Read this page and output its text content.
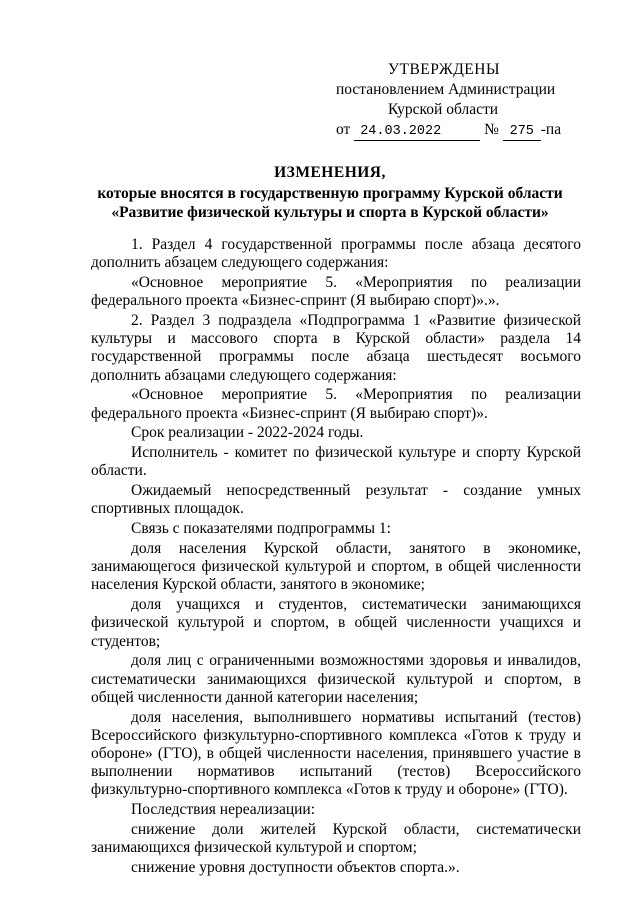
УТВЕРЖДЕНЫ
постановлением Администрации
Курской области
от 24.03.2022	№ 275 -па
ИЗМЕНЕНИЯ,
которые вносятся в государственную программу Курской области
«Развитие физической культуры и спорта в Курской области»

1. Раздел 4 государственной программы после абзаца десятого дополнить абзацем следующего содержания:

«Основное мероприятие 5. «Мероприятия по реализации федерального проекта «Бизнес-спринт (Я выбираю спорт)».».

2. Раздел 3 подраздела «Подпрограмма 1 «Развитие физической культуры и массового спорта в Курской области» раздела 14 государственной программы после абзаца шестьдесят восьмого дополнить абзацами следующего содержания:

«Основное мероприятие 5. «Мероприятия по реализации федерального проекта «Бизнес-спринт (Я выбираю спорт)».

Срок реализации - 2022-2024 годы.

Исполнитель - комитет по физической культуре и спорту Курской области.

Ожидаемый непосредственный результат - создание умных спортивных площадок.

Связь с показателями подпрограммы 1:

доля населения Курской области, занятого в экономике, занимающегося физической культурой и спортом, в общей численности населения Курской области, занятого в экономике;

доля учащихся и студентов, систематически занимающихся физической культурой и спортом, в общей численности учащихся и студентов;

доля лиц с ограниченными возможностями здоровья и инвалидов, систематически занимающихся физической культурой и спортом, в общей численности данной категории населения;

доля населения, выполнившего нормативы испытаний (тестов) Всероссийского физкультурно-спортивного комплекса «Готов к труду и обороне» (ГТО), в общей численности населения, принявшего участие в выполнении нормативов испытаний (тестов) Всероссийского физкультурно-спортивного комплекса «Готов к труду и обороне» (ГТО).

Последствия нереализации:

снижение доли жителей Курской области, систематически занимающихся физической культурой и спортом;

снижение уровня доступности объектов спорта.».
